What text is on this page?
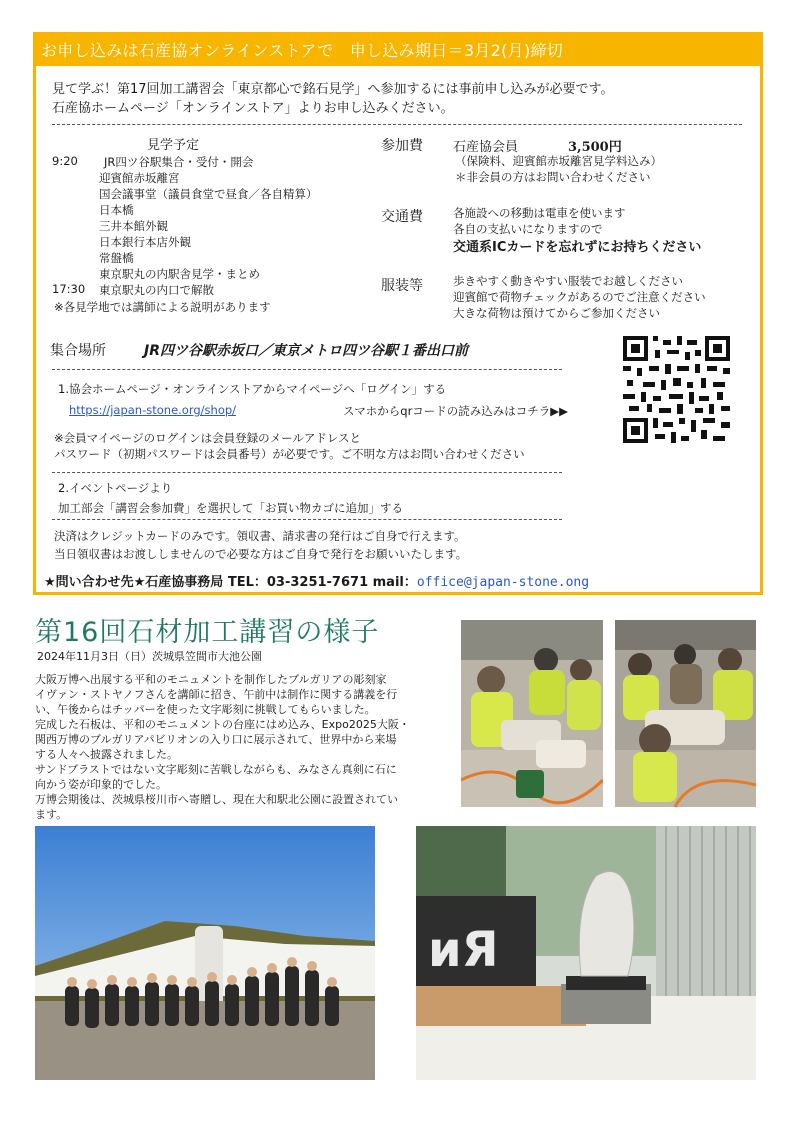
お申し込みは石産協オンラインストアで　申し込み期日＝3月2(月)締切
見て学ぶ！第17回加工講習会「東京都心で銘石見学」へ参加するには事前申し込みが必要です。
石産協ホームページ「オンラインストア」よりお申し込みください。
見学予定
9:20 JR四ツ谷駅集合・受付・開会
迎賓館赤坂離宮
国会議事堂（議員食堂で昼食／各自精算）
日本橋
三井本館外観
日本銀行本店外観
常盤橋
東京駅丸の内駅舎見学・まとめ
17:30 東京駅丸の内口で解散
※各見学地では講師による説明があります
参加費 石産協会員	3,500円
（保険料、迎賓館赤坂離宮見学料込み）
＊非会員の方はお問い合わせください
交通費	各施設への移動は電車を使います
各自の支払いになりますので
交通系ICカードを忘れずにお持ちください
服装等	歩きやすく動きやすい服装でお越しください
迎賓館で荷物チェックがあるのでご注意ください
大きな荷物は預けてからご参加ください
集合場所	JR四ツ谷駅赤坂口／東京メトロ四ツ谷駅１番出口前
1.協会ホームページ・オンラインストアからマイページへ「ログイン」する
https://japan-stone.org/shop/	スマホからqrコードの読み込みはコチラ▶▶
※会員マイページのログインは会員登録のメールアドレスと
パスワード（初期パスワードは会員番号）が必要です。ご不明な方はお問い合わせください
2.イベントページより
加工部会「講習会参加費」を選択して「お買い物カゴに追加」する
決済はクレジットカードのみです。領収書、請求書の発行はご自身で行えます。
当日領収書はお渡ししませんので必要な方はご自身で発行をお願いいたします。
★問い合わせ先★石産協事務局 TEL：03-3251-7671 mail：office@japan-stone.ong
第16回石材加工講習の様子
2024年11月3日（日）茨城県笠間市大池公園
大阪万博へ出展する平和のモニュメントを制作したブルガリアの彫刻家
イヴァン・ストヤノフさんを講師に招き、午前中は制作に関する講義を行
い、午後からはチッパーを使った文字彫刻に挑戦してもらいました。
完成した石板は、平和のモニュメントの台座にはめ込み、Expo2025大阪・
関西万博のブルガリアパビリオンの入り口に展示されて、世界中から来場
する人々へ披露されました。
サンドブラストではない文字彫刻に苦戦しながらも、みなさん真剣に石に
向かう姿が印象的でした。
万博会期後は、茨城県桜川市へ寄贈し、現在大和駅北公園に設置されてい
ます。
ᴎЯ
